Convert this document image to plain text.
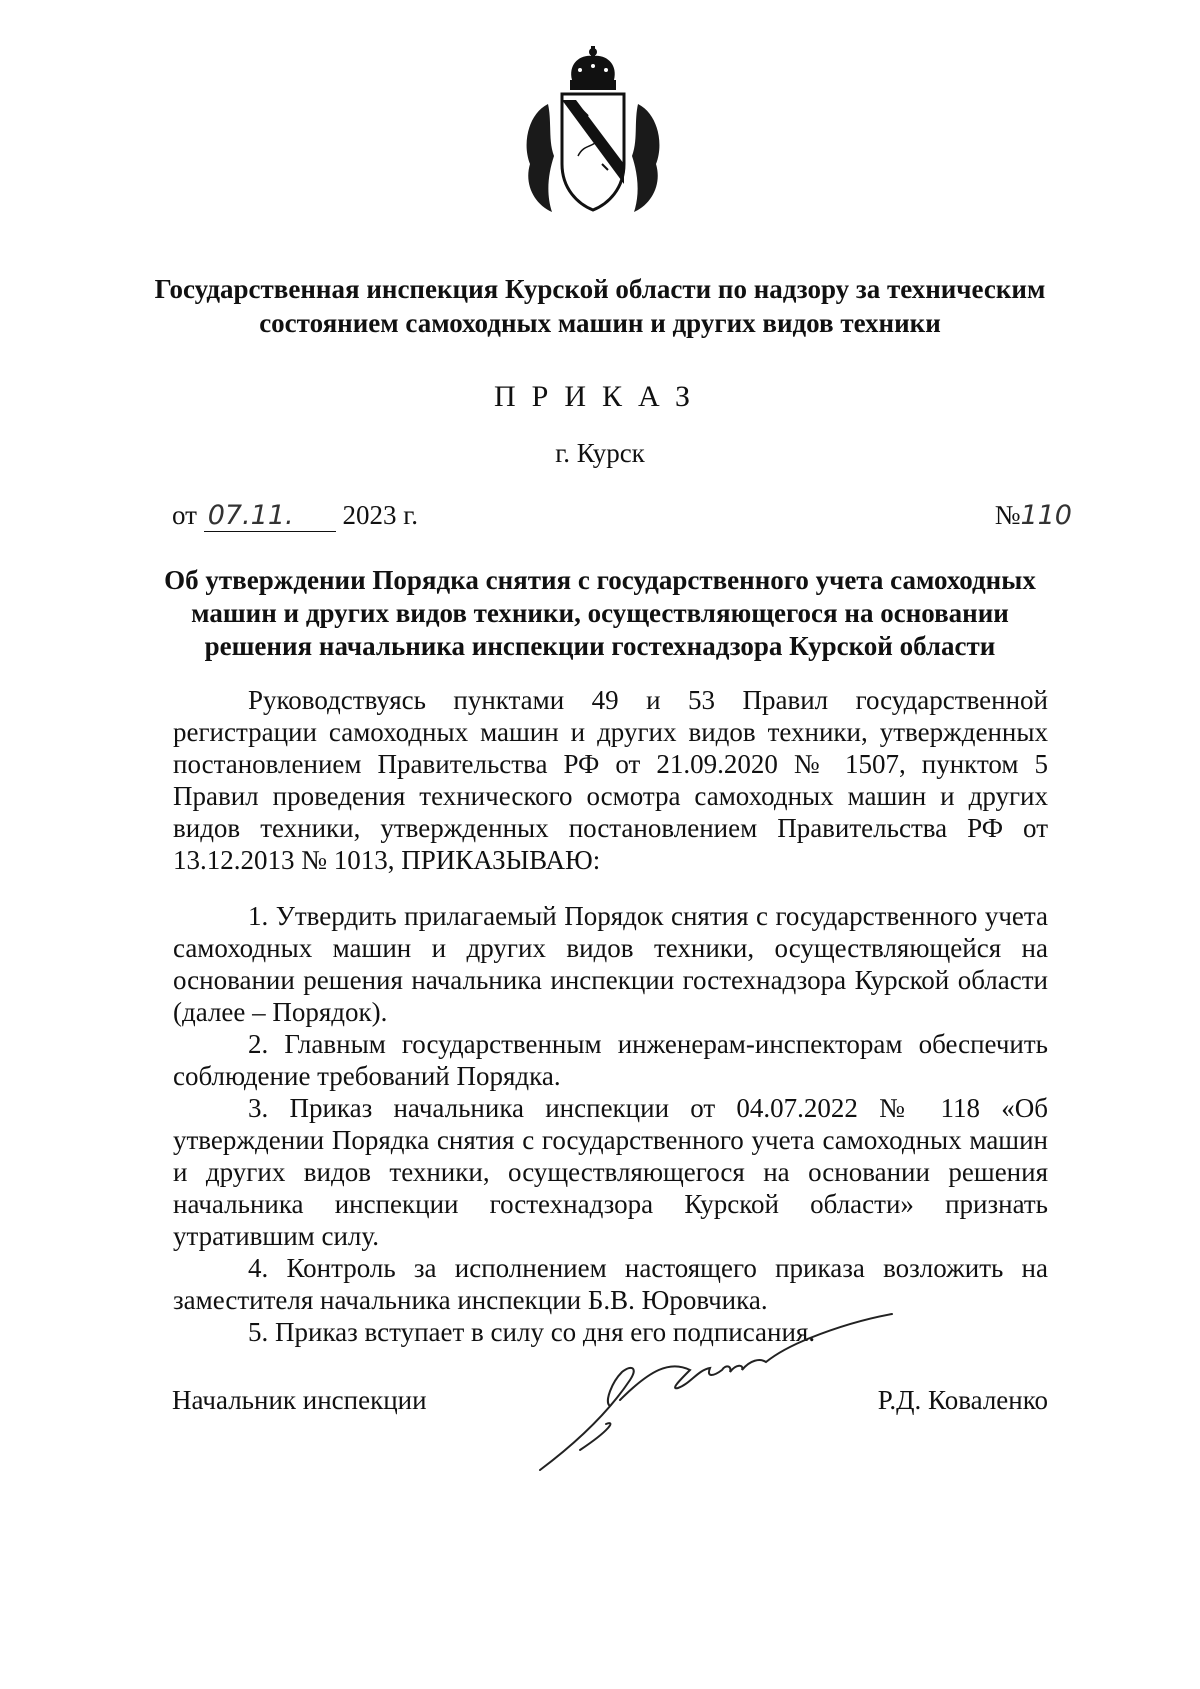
Государственная инспекция Курской области по надзору за техническим
состоянием самоходных машин и других видов техники
ПРИКАЗ
г. Курск
от 07.11. 2023 г.	№110
Об утверждении Порядка снятия с государственного учета самоходных
машин и других видов техники, осуществляющегося на основании
решения начальника инспекции гостехнадзора Курской области

Руководствуясь пунктами 49 и 53 Правил государственной регистрации самоходных машин и других видов техники, утвержденных постановлением Правительства РФ от 21.09.2020 № 1507, пунктом 5 Правил проведения технического осмотра самоходных машин и других видов техники, утвержденных постановлением Правительства РФ от 13.12.2013 № 1013, ПРИКАЗЫВАЮ:

1. Утвердить прилагаемый Порядок снятия с государственного учета самоходных машин и других видов техники, осуществляющейся на основании решения начальника инспекции гостехнадзора Курской области (далее – Порядок).

2. Главным государственным инженерам-инспекторам обеспечить соблюдение требований Порядка.

3. Приказ начальника инспекции от 04.07.2022 № 118 «Об утверждении Порядка снятия с государственного учета самоходных машин и других видов техники, осуществляющегося на основании решения начальника инспекции гостехнадзора Курской области» признать утратившим силу.

4. Контроль за исполнением настоящего приказа возложить на заместителя начальника инспекции Б.В. Юровчика.

5. Приказ вступает в силу со дня его подписания.

Начальник инспекции	Р.Д. Коваленко
